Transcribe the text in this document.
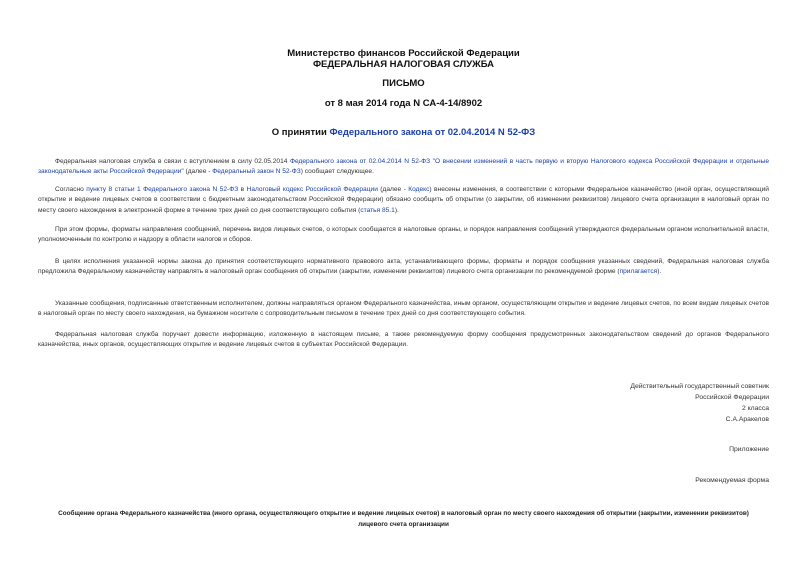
Министерство финансов Российской Федерации
ФЕДЕРАЛЬНАЯ НАЛОГОВАЯ СЛУЖБА
ПИСЬМО
от 8 мая 2014 года N СА-4-14/8902
О принятии Федерального закона от 02.04.2014 N 52-ФЗ
Федеральная налоговая служба в связи с вступлением в силу 02.05.2014 Федерального закона от 02.04.2014 N 52-ФЗ "О внесении изменений в часть первую и вторую Налогового кодекса Российской Федерации и отдельные законодательные акты Российской Федерации" (далее - Федеральный закон N 52-ФЗ) сообщает следующее.
Согласно пункту 8 статьи 1 Федерального закона N 52-ФЗ в Налоговый кодекс Российской Федерации (далее - Кодекс) внесены изменения, в соответствии с которыми Федеральное казначейство (иной орган, осуществляющий открытие и ведение лицевых счетов в соответствии с бюджетным законодательством Российской Федерации) обязано сообщить об открытии (о закрытии, об изменении реквизитов) лицевого счета организации в налоговый орган по месту своего нахождения в электронной форме в течение трех дней со дня соответствующего события (статья 85.1).
При этом формы, форматы направления сообщений, перечень видов лицевых счетов, о которых сообщается в налоговые органы, и порядок направления сообщений утверждаются федеральным органом исполнительной власти, уполномоченным по контролю и надзору в области налогов и сборов.
В целях исполнения указанной нормы закона до принятия соответствующего нормативного правового акта, устанавливающего формы, форматы и порядок сообщения указанных сведений, Федеральная налоговая служба предложила Федеральному казначейству направлять в налоговый орган сообщения об открытии (закрытии, изменении реквизитов) лицевого счета организации по рекомендуемой форме (прилагается).
Указанные сообщения, подписанные ответственным исполнителем, должны направляться органом Федерального казначейства, иным органом, осуществляющим открытие и ведение лицевых счетов, по всем видам лицевых счетов в налоговый орган по месту своего нахождения, на бумажном носителе с сопроводительным письмом в течение трех дней со дня соответствующего события.
Федеральная налоговая служба поручает довести информацию, изложенную в настоящем письме, а также рекомендуемую форму сообщения предусмотренных законодательством сведений до органов Федерального казначейства, иных органов, осуществляющих открытие и ведение лицевых счетов в субъектах Российской Федерации.
Действительный государственный советник
Российской Федерации
2 класса
С.А.Аракелов
Приложение
Рекомендуемая форма
Сообщение органа Федерального казначейства (иного органа, осуществляющего открытие и ведение лицевых счетов) в налоговый орган по месту своего нахождения об открытии (закрытии, изменении реквизитов) лицевого счета организации
